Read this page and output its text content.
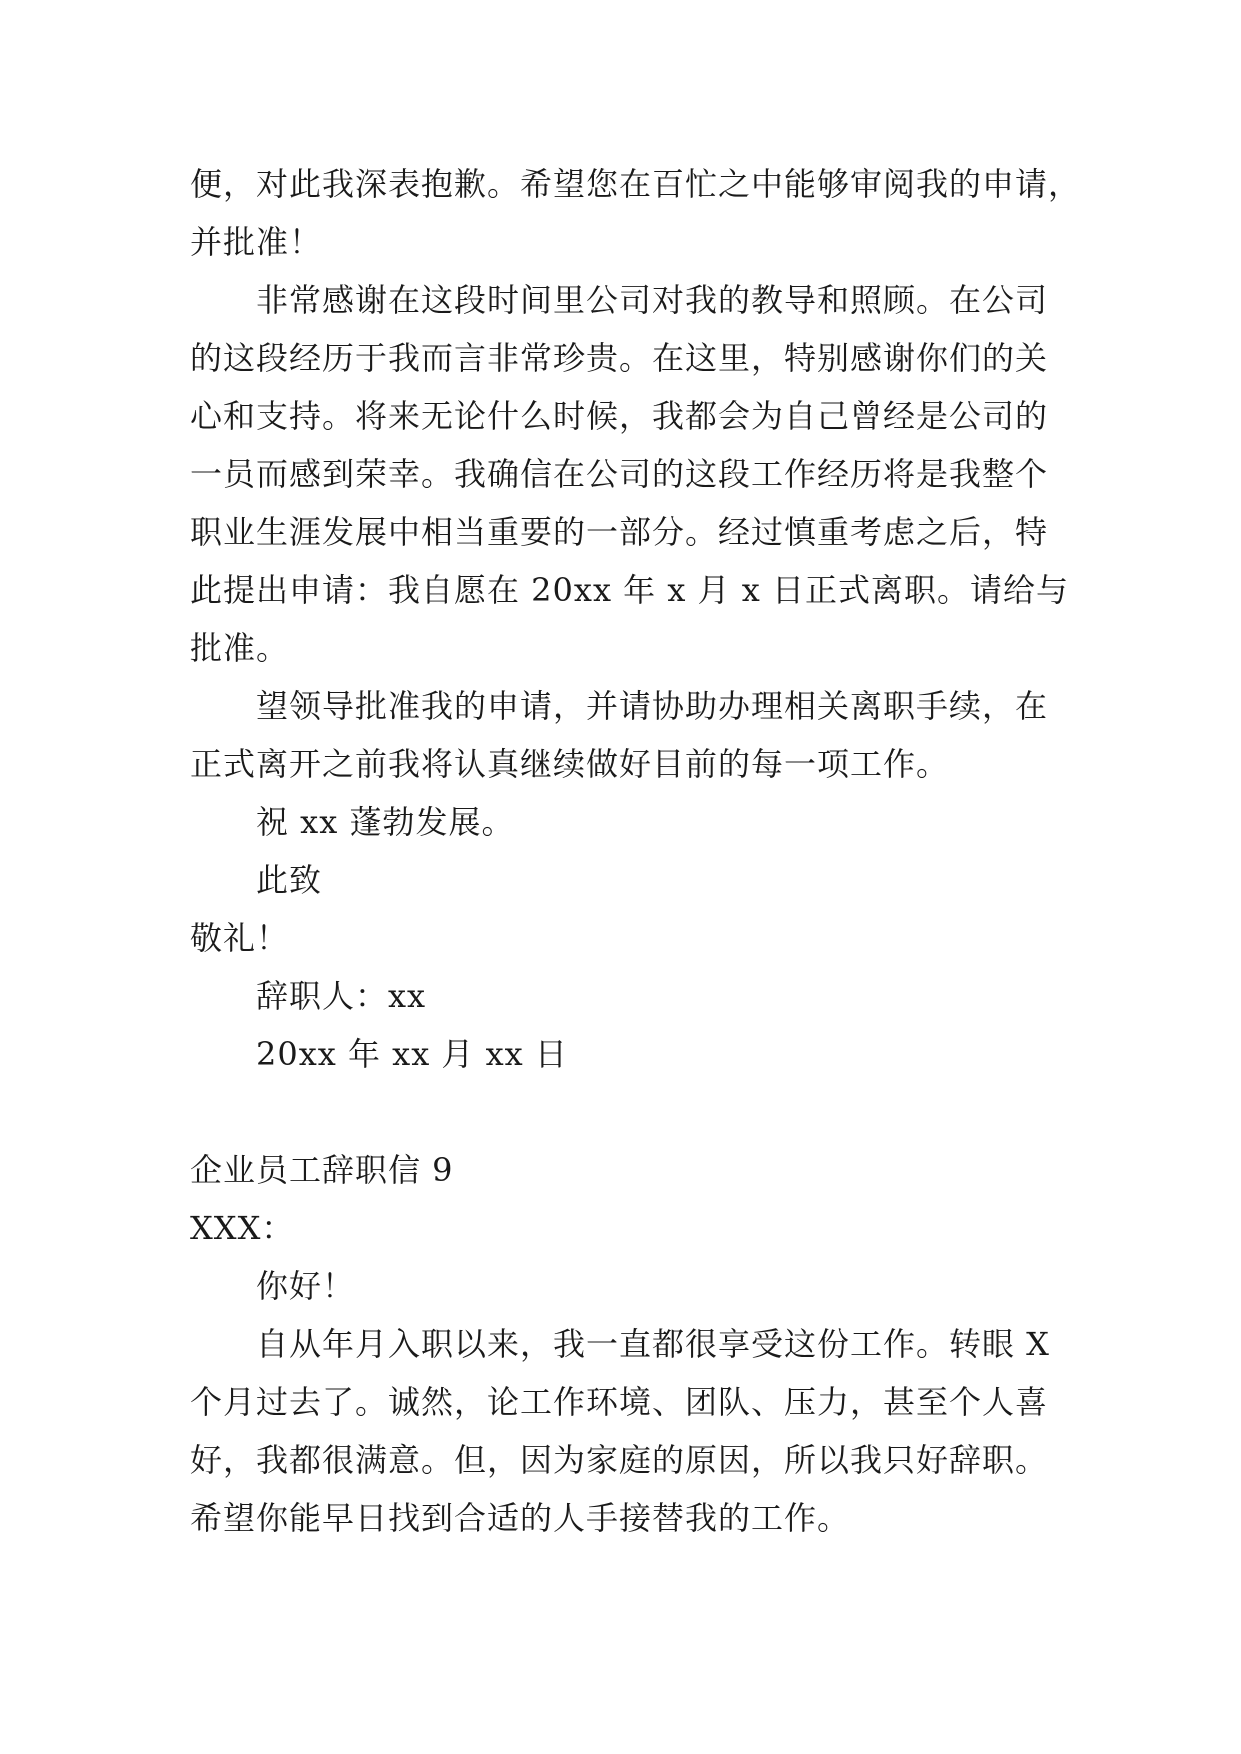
便，对此我深表抱歉。希望您在百忙之中能够审阅我的申请，
并批准！
非常感谢在这段时间里公司对我的教导和照顾。在公司
的这段经历于我而言非常珍贵。在这里，特别感谢你们的关
心和支持。将来无论什么时候，我都会为自己曾经是公司的
一员而感到荣幸。我确信在公司的这段工作经历将是我整个
职业生涯发展中相当重要的一部分。经过慎重考虑之后，特
此提出申请：我自愿在 20xx 年 x 月 x 日正式离职。请给与
批准。
望领导批准我的申请，并请协助办理相关离职手续，在
正式离开之前我将认真继续做好目前的每一项工作。
祝 xx 蓬勃发展。
此致
敬礼！
辞职人：xx
20xx 年 xx 月 xx 日
企业员工辞职信 9
XXX：
你好！
自从年月入职以来，我一直都很享受这份工作。转眼 X
个月过去了。诚然，论工作环境、团队、压力，甚至个人喜
好，我都很满意。但，因为家庭的原因，所以我只好辞职。
希望你能早日找到合适的人手接替我的工作。
